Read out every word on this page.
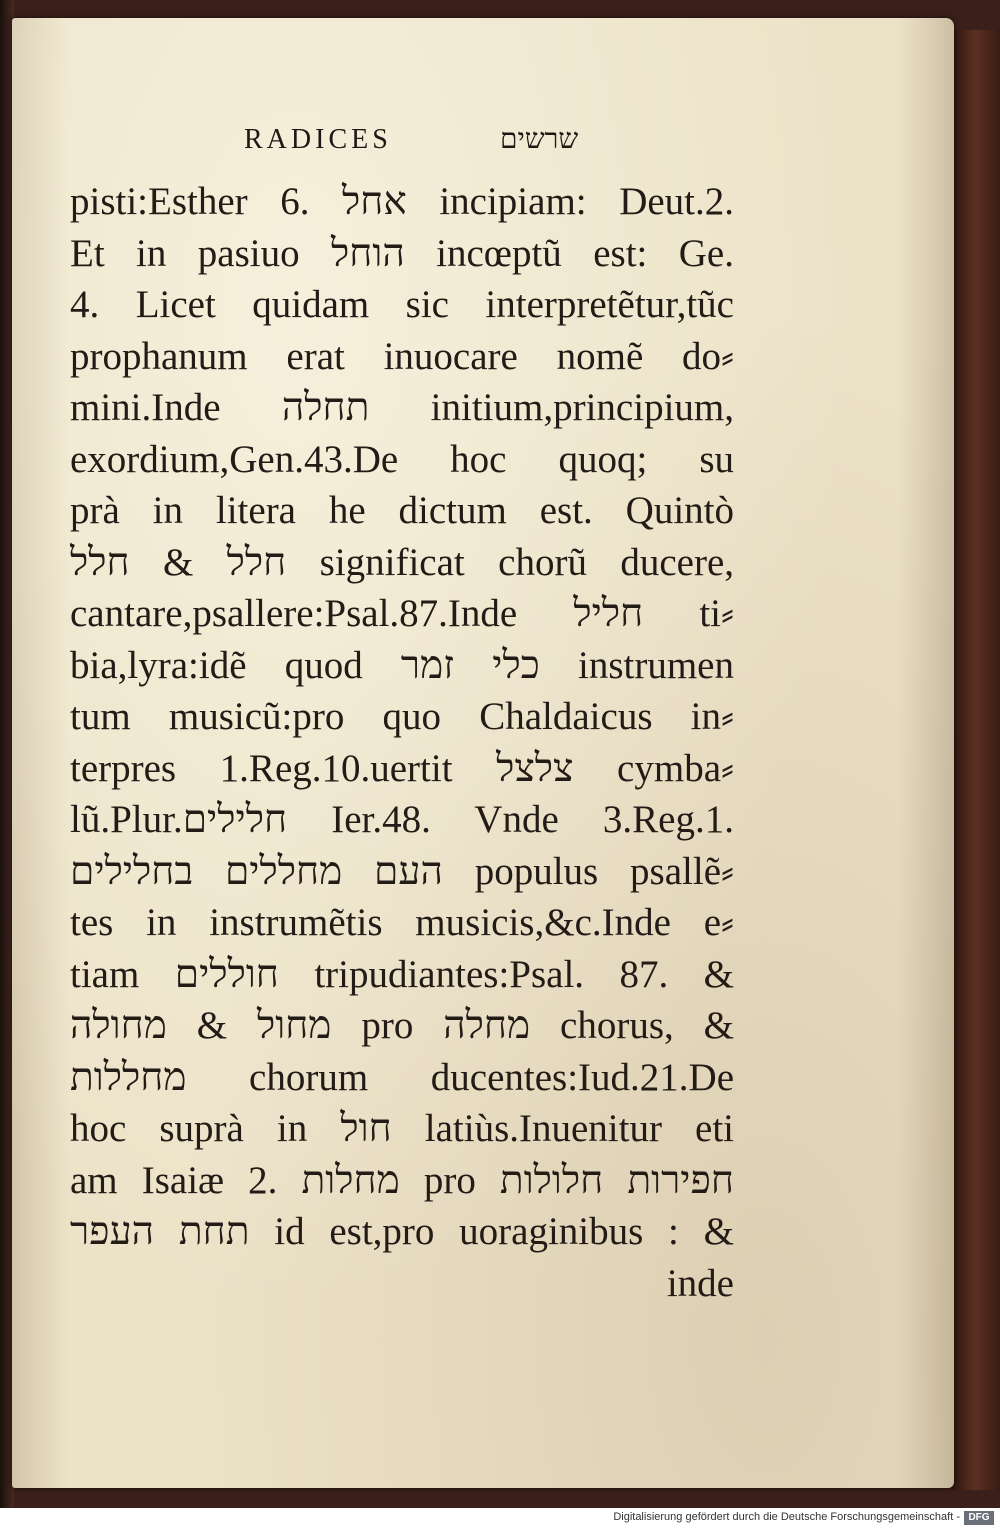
RADICES	שרשים
pisti:Esther 6. אחל incipiam: Deut.2.
Et in pasiuo הוחל incœptũ est: Ge.
4. Licet quidam sic interpretẽtur,tũc
prophanum erat inuocare nomẽ do⸗
mini.Inde תחלה initium,principium,
exordium,Gen.43.De hoc quoq; su
prà in litera he dictum est. Quintò
חלל & חלל significat chorũ ducere,
cantare,psallere:Psal.87.Inde חליל ti⸗
bia,lyra:idẽ quod כלי זמר instrumen
tum musicũ:pro quo Chaldaicus in⸗
terpres 1.Reg.10.uertit צלצל cymba⸗
lũ.Plur.חלילים Ier.48. Vnde 3.Reg.1.
העם מחללים בחלילים populus psallẽ⸗
tes in instrumẽtis musicis,&c.Inde e⸗
tiam חוללים tripudiantes:Psal. 87. &
מחול & מחולה pro מחלה chorus, &
מחללות chorum ducentes:Iud.21.De
hoc suprà in חול latiùs.Inuenitur eti
am Isaiæ 2. מחלות pro חפירות חלולות
תחת העפר id est,pro uoraginibus : &
inde
Digitalisierung gefördert durch die Deutsche Forschungsgemeinschaft - DFG
